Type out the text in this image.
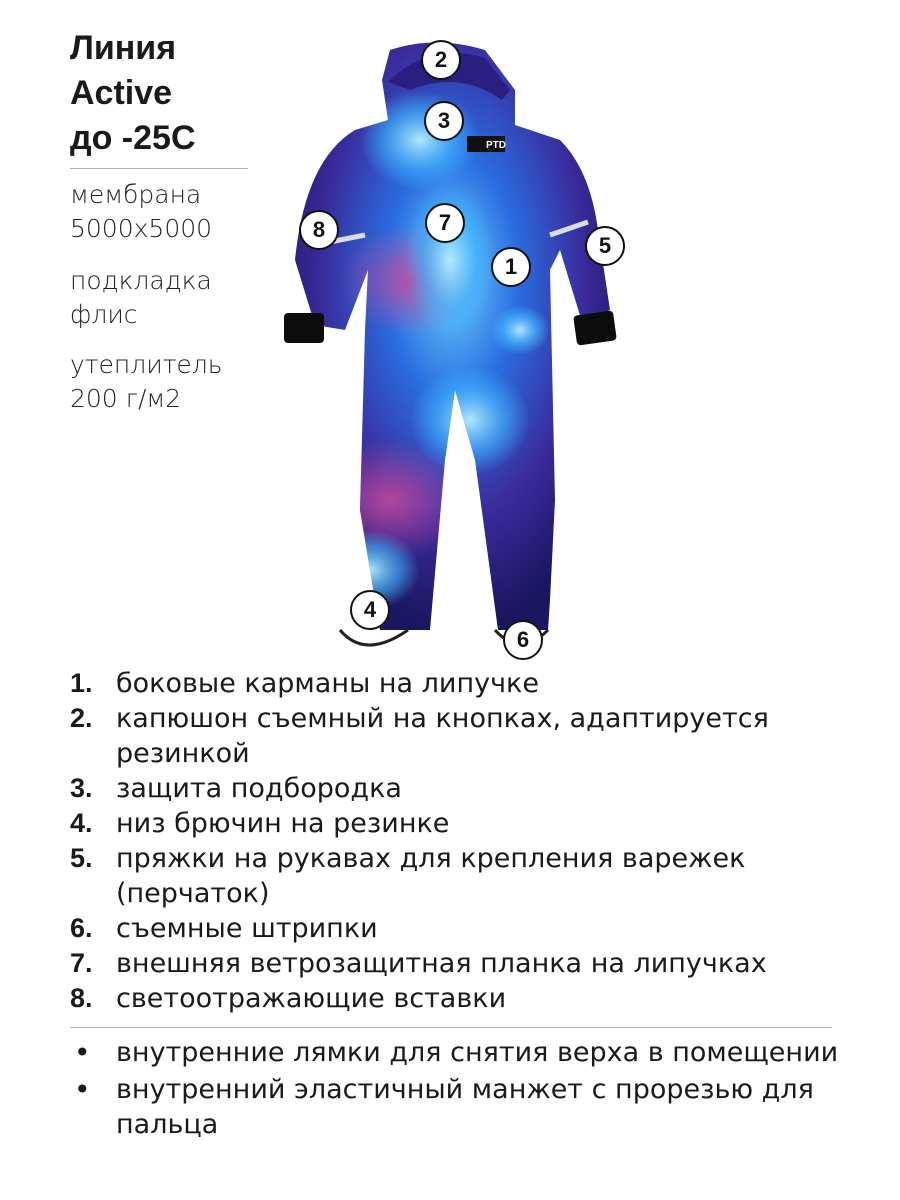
Линия
Active
до -25С
мембрана
5000х5000
подкладка
флис
утеплитель
200 г/м2
PTD
2
3
7
8
5
1
4
6
1. боковые карманы на липучке
2. капюшон съемный на кнопках, адаптируется резинкой
3. защита подбородка
4. низ брючин на резинке
5. пряжки на рукавах для крепления варежек (перчаток)
6. съемные штрипки
7. внешняя ветрозащитная планка на липучках
8. светоотражающие вставки
• внутренние лямки для снятия верха в помещении
• внутренний эластичный манжет с прорезью для пальца
